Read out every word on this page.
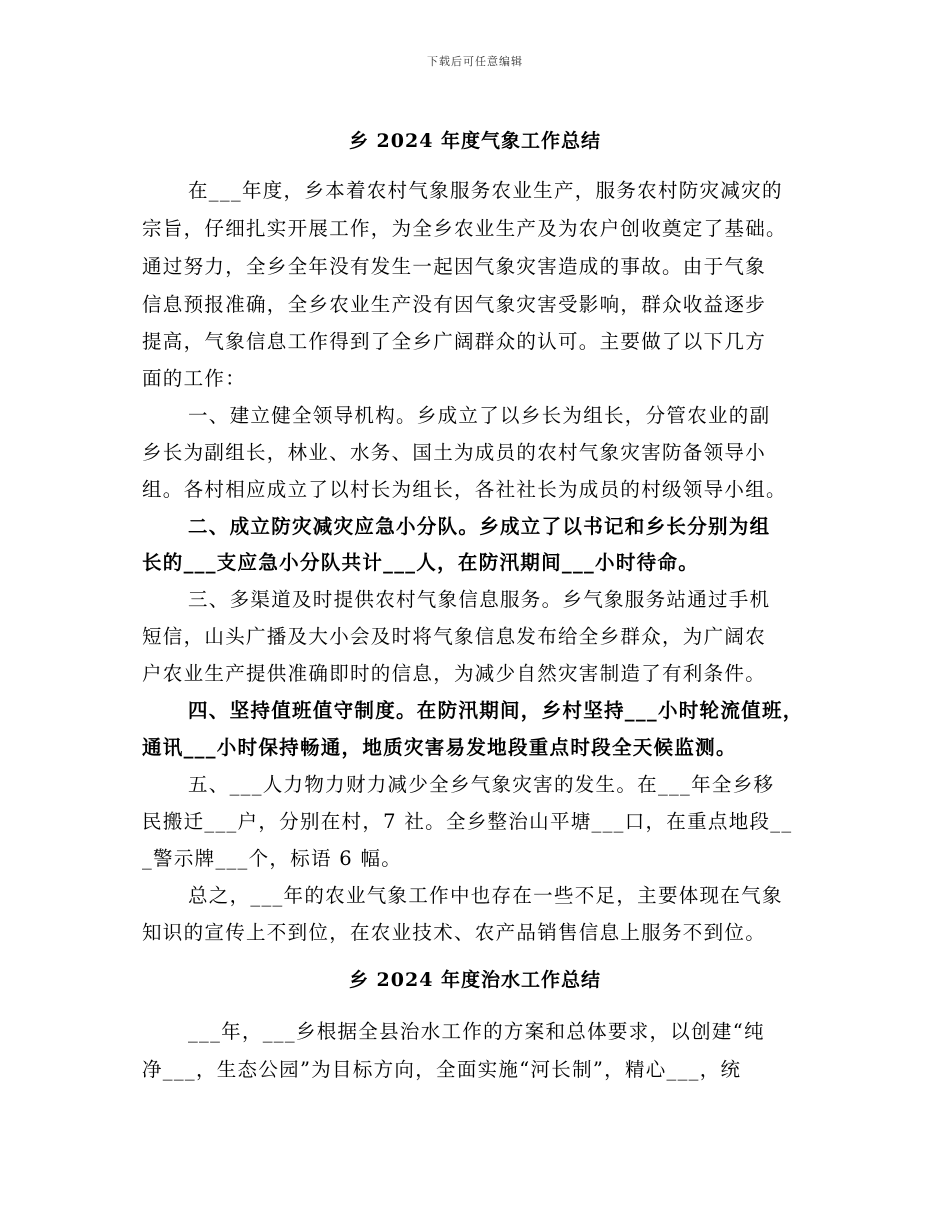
下载后可任意编辑
乡 2024 年度气象工作总结
在___年度，乡本着农村气象服务农业生产，服务农村防灾减灾的
宗旨，仔细扎实开展工作，为全乡农业生产及为农户创收奠定了基础。
通过努力，全乡全年没有发生一起因气象灾害造成的事故。由于气象
信息预报准确，全乡农业生产没有因气象灾害受影响，群众收益逐步
提高，气象信息工作得到了全乡广阔群众的认可。主要做了以下几方
面的工作：
一、建立健全领导机构。乡成立了以乡长为组长，分管农业的副
乡长为副组长，林业、水务、国土为成员的农村气象灾害防备领导小
组。各村相应成立了以村长为组长，各社社长为成员的村级领导小组。
二、成立防灾减灾应急小分队。乡成立了以书记和乡长分别为组
长的___支应急小分队共计___人，在防汛期间___小时待命。
三、多渠道及时提供农村气象信息服务。乡气象服务站通过手机
短信，山头广播及大小会及时将气象信息发布给全乡群众，为广阔农
户农业生产提供准确即时的信息，为减少自然灾害制造了有利条件。
四、坚持值班值守制度。在防汛期间，乡村坚持___小时轮流值班，
通讯___小时保持畅通，地质灾害易发地段重点时段全天候监测。
五、___人力物力财力减少全乡气象灾害的发生。在___年全乡移
民搬迁___户，分别在村，7 社。全乡整治山平塘___口，在重点地段__
_警示牌___个，标语 6 幅。
总之，___年的农业气象工作中也存在一些不足，主要体现在气象
知识的宣传上不到位，在农业技术、农产品销售信息上服务不到位。
乡 2024 年度治水工作总结
___年，___乡根据全县治水工作的方案和总体要求，以创建“纯
净___，生态公园”为目标方向，全面实施“河长制”，精心___，统
